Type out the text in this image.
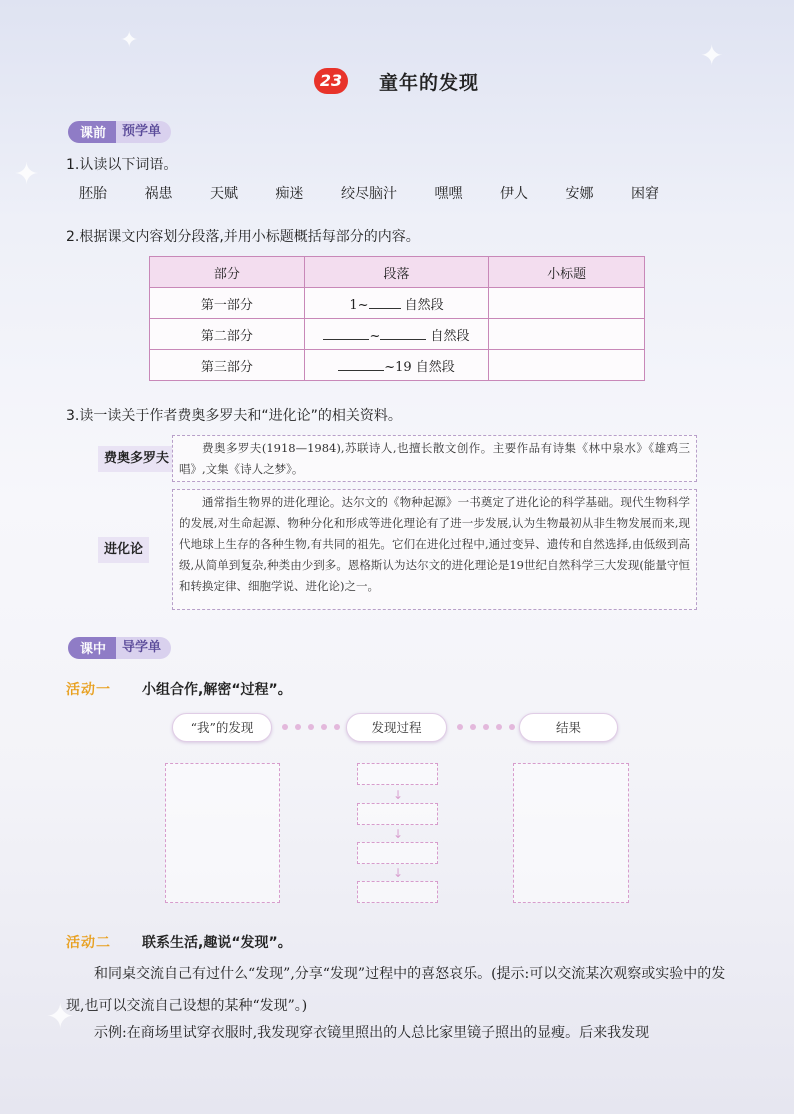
✦	✦
✦
✦
23	童年的发现
课前	预学单
1.认读以下词语。
胚胎	祸患	天赋	痴迷	绞尽脑汁	嘿嘿	伊人	安娜	困窘
2.根据课文内容划分段落,并用小标题概括每部分的内容。
部分	段落	小标题
第一部分	1~ 自然段	
第二部分	~ 自然段	
第三部分	~19 自然段	
3.读一读关于作者费奥多罗夫和“进化论”的相关资料。
费奥多罗夫
费奥多罗夫(1918—1984),苏联诗人,也擅长散文创作。主要作品有诗集《林中泉水》《雄鸡三唱》,文集《诗人之梦》。
进化论
通常指生物界的进化理论。达尔文的《物种起源》一书奠定了进化论的科学基础。现代生物科学的发展,对生命起源、物种分化和形成等进化理论有了进一步发展,认为生物最初从非生物发展而来,现代地球上生存的各种生物,有共同的祖先。它们在进化过程中,通过变异、遗传和自然选择,由低级到高级,从简单到复杂,种类由少到多。恩格斯认为达尔文的进化理论是19世纪自然科学三大发现(能量守恒和转换定律、细胞学说、进化论)之一。
课中	导学单
活动一 小组合作,解密“过程”。
“我”的发现	发现过程	结果
↓
↓
↓
活动二 联系生活,趣说“发现”。
和同桌交流自己有过什么“发现”,分享“发现”过程中的喜怒哀乐。(提示:可以交流某次观察或实验中的发现,也可以交流自己设想的某种“发现”。)
示例:在商场里试穿衣服时,我发现穿衣镜里照出的人总比家里镜子照出的显瘦。后来我发现
